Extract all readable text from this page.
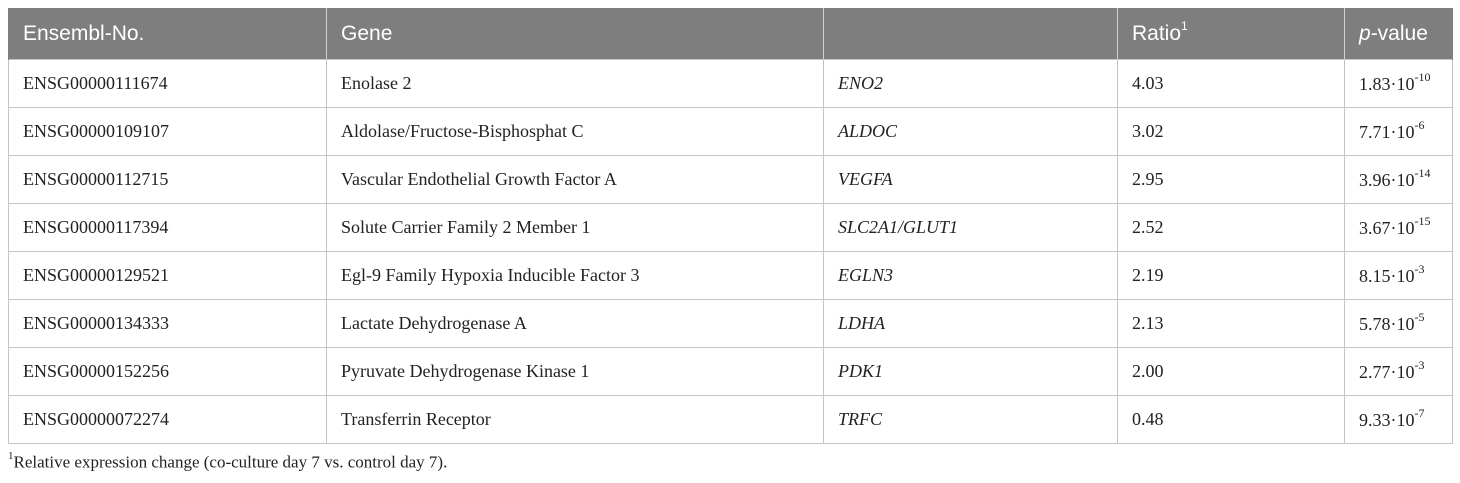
Ensembl-No.	Gene		Ratio$^1$	p-value
ENSG00000111674	Enolase 2	ENO2	4.03	$1.83\cdot 10^{-10}$
ENSG00000109107	Aldolase/Fructose-Bisphosphat C	ALDOC	3.02	$7.71\cdot 10^{-6}$
ENSG00000112715	Vascular Endothelial Growth Factor A	VEGFA	2.95	$3.96\cdot 10^{-14}$
ENSG00000117394	Solute Carrier Family 2 Member 1	SLC2A1/GLUT1	2.52	$3.67\cdot 10^{-15}$
ENSG00000129521	Egl-9 Family Hypoxia Inducible Factor 3	EGLN3	2.19	$8.15\cdot 10^{-3}$
ENSG00000134333	Lactate Dehydrogenase A	LDHA	2.13	$5.78\cdot 10^{-5}$
ENSG00000152256	Pyruvate Dehydrogenase Kinase 1	PDK1	2.00	$2.77\cdot 10^{-3}$
ENSG00000072274	Transferrin Receptor	TRFC	0.48	$9.33\cdot 10^{-7}$
$^1$Relative expression change (co-culture day 7 vs. control day 7).
